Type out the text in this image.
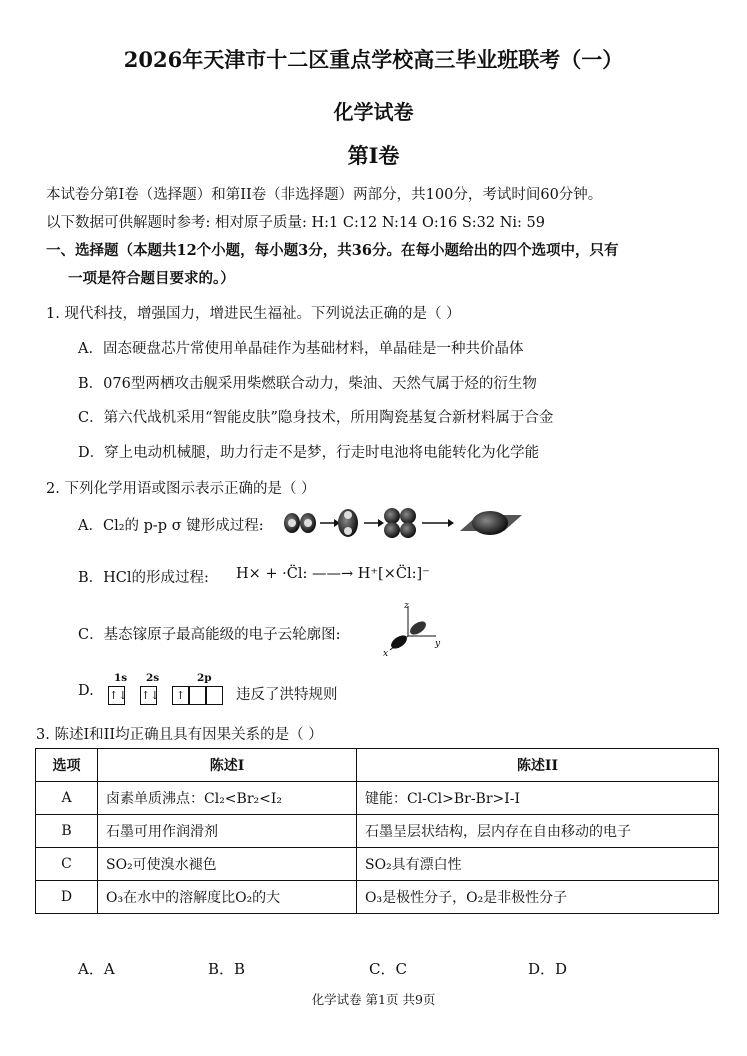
2026年天津市十二区重点学校高三毕业班联考（一）
化学试卷
第I卷
本试卷分第I卷（选择题）和第II卷（非选择题）两部分，共100分，考试时间60分钟。
以下数据可供解题时参考: 相对原子质量: H:1 C:12 N:14 O:16 S:32 Ni: 59
一、选择题（本题共12个小题，每小题3分，共36分。在每小题给出的四个选项中，只有
一项是符合题目要求的。）
1. 现代科技，增强国力，增进民生福祉。下列说法正确的是（ ）
A．固态硬盘芯片常使用单晶硅作为基础材料，单晶硅是一种共价晶体
B．076型两栖攻击舰采用柴燃联合动力，柴油、天然气属于烃的衍生物
C．第六代战机采用“智能皮肤”隐身技术，所用陶瓷基复合新材料属于合金
D．穿上电动机械腿，助力行走不是梦，行走时电池将电能转化为化学能
2. 下列化学用语或图示表示正确的是（ ）
A．Cl₂的 p-p σ 键形成过程:
B．HCl的形成过程: H× + ·C̈l: ——→ H⁺[×C̈l:]⁻
C．基态镓原子最高能级的电子云轮廓图:
z
y
x
D.
1s 2s	2p
↑↓ ↑↓	↑	违反了洪特规则
3. 陈述I和II均正确且具有因果关系的是（ ）
选项	陈述I	陈述II
A	卤素单质沸点：Cl₂<Br₂<I₂	键能：Cl-Cl>Br-Br>I-I
B	石墨可用作润滑剂	石墨呈层状结构，层内存在自由移动的电子
C	SO₂可使溴水褪色	SO₂具有漂白性
D	O₃在水中的溶解度比O₂的大	O₃是极性分子，O₂是非极性分子
A．A	B．B	C．C	D．D
化学试卷 第1页 共9页
